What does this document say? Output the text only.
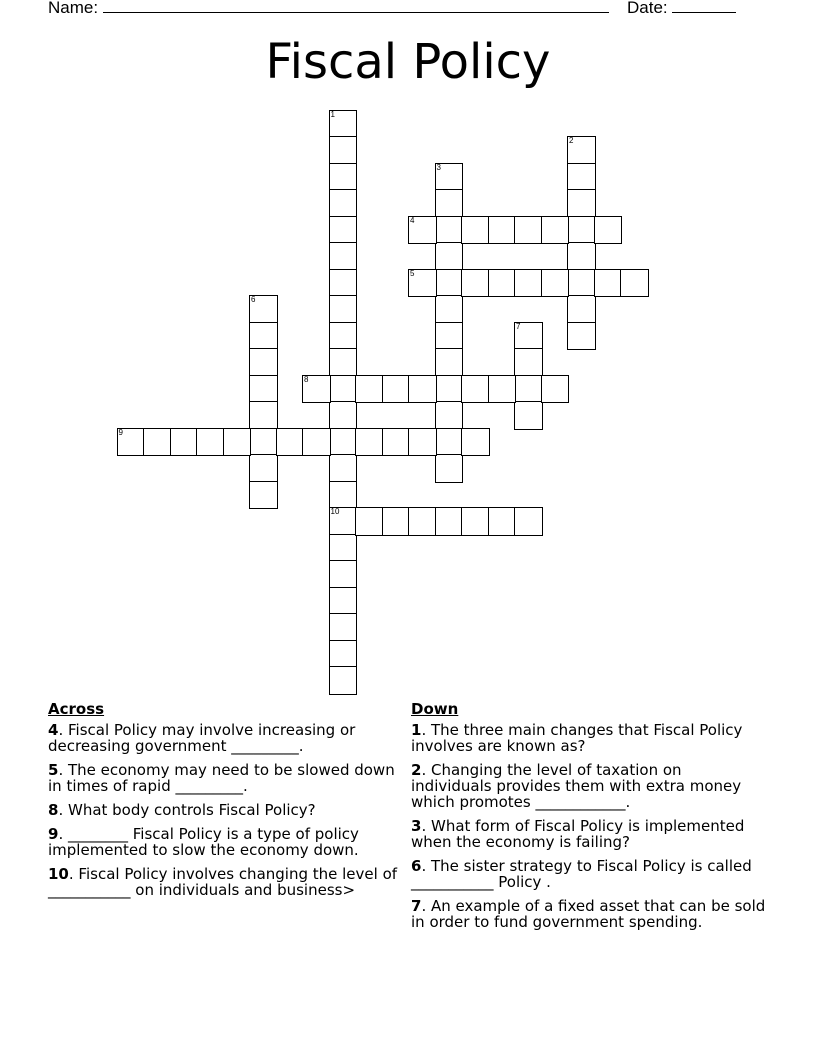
Name:	Date:
Fiscal Policy
1
10
2
3
4
5
6
7
8
9
Across
4. Fiscal Policy may involve increasing or decreasing government _________.
5. The economy may need to be slowed down in times of rapid _________.
8. What body controls Fiscal Policy?
9. ________ Fiscal Policy is a type of policy implemented to slow the economy down.
10. Fiscal Policy involves changing the level of ___________ on individuals and business>
Down
1. The three main changes that Fiscal Policy involves are known as?
2. Changing the level of taxation on individuals provides them with extra money which promotes ____________.
3. What form of Fiscal Policy is implemented when the economy is failing?
6. The sister strategy to Fiscal Policy is called ___________ Policy .
7. An example of a fixed asset that can be sold in order to fund government spending.
